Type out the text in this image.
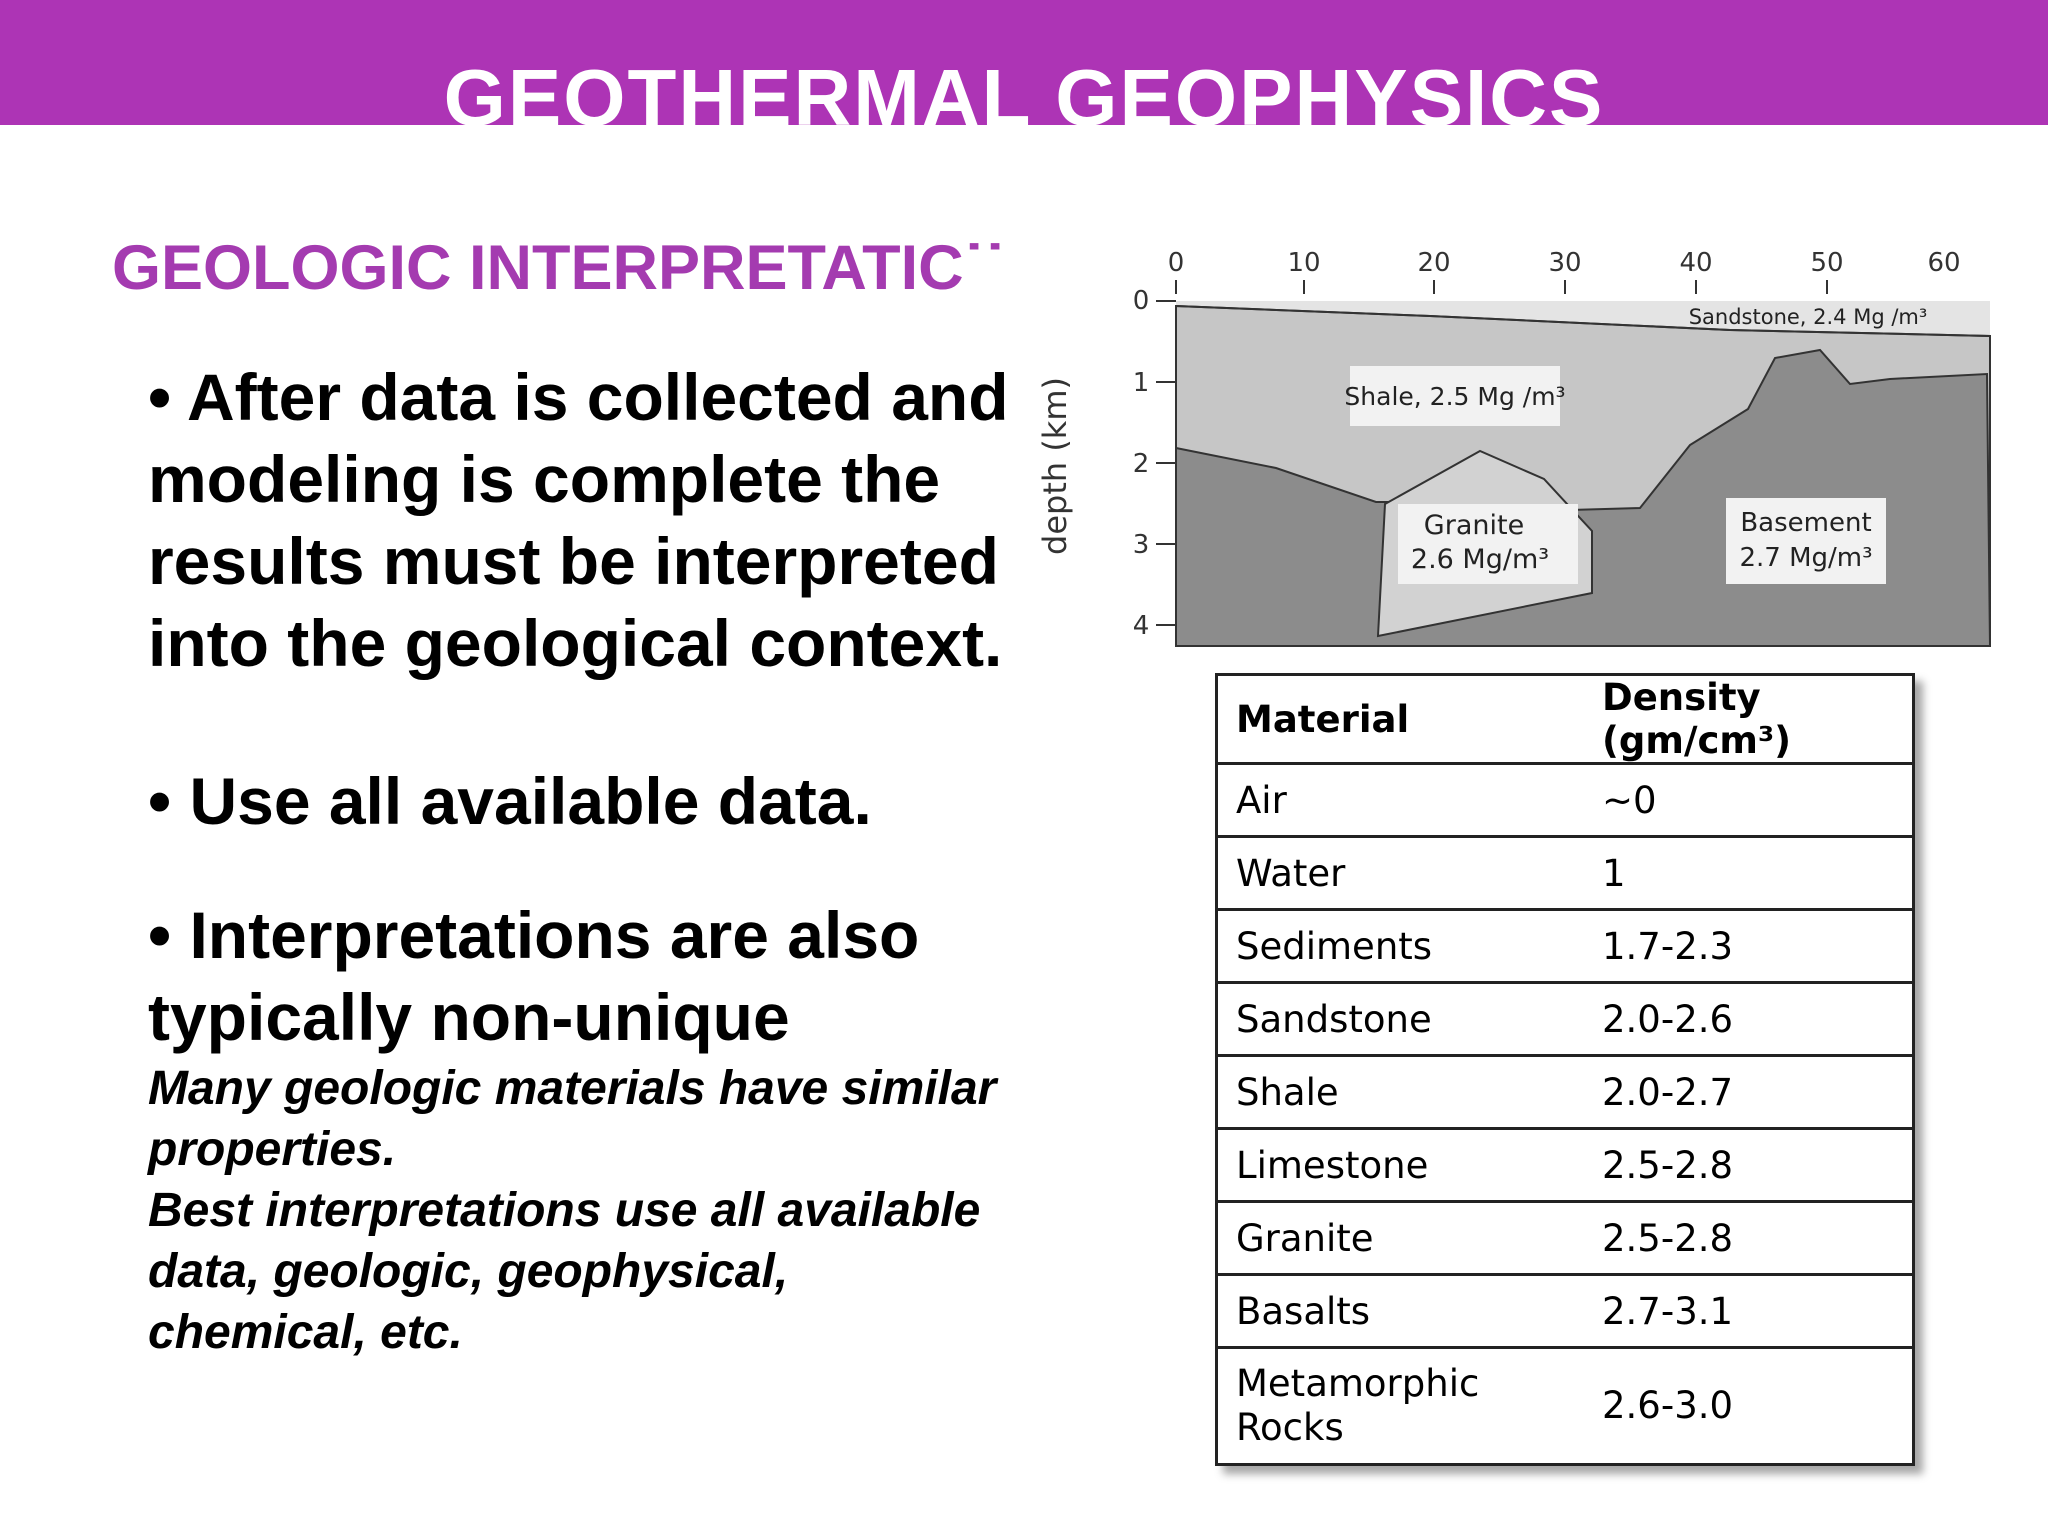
GEOTHERMAL GEOPHYSICS
GEOLOGIC INTERPRETATIC˙˙

• After data is collected and modeling is complete the results must be interpreted into the geological context.

• Use all available data.

• Interpretations are also typically non-unique

Many geologic materials have similar properties.

Best interpretations use all available data, geologic, geophysical, chemical, etc.

0	10	20	30	40	50	60
0
1
2
3
4
depth (km)	Shale, 2.5 Mg /m³
Sandstone, 2.4 Mg /m³
Granite
2.6 Mg/m³
Basement
2.7 Mg/m³
Material	Density (gm/cm³)
Air	~0
Water	1
Sediments	1.7-2.3
Sandstone	2.0-2.6
Shale	2.0-2.7
Limestone	2.5-2.8
Granite	2.5-2.8
Basalts	2.7-3.1
Metamorphic Rocks	2.6-3.0
